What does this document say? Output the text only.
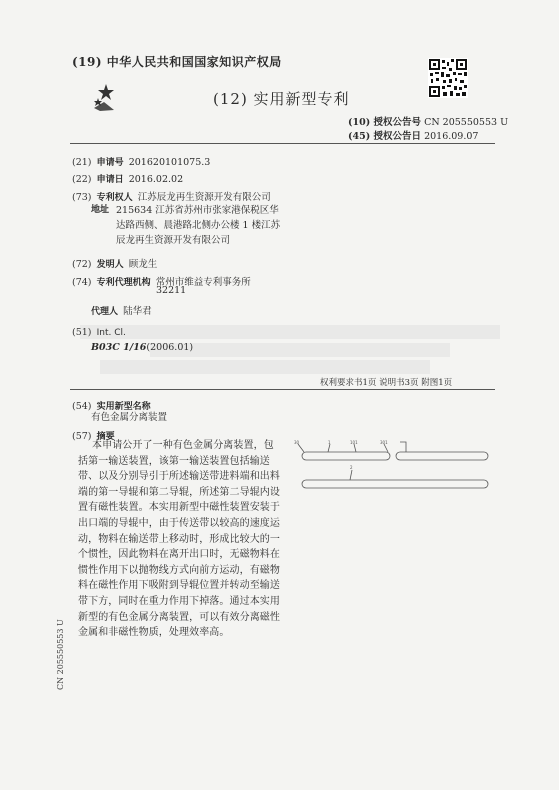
(19) 中华人民共和国国家知识产权局
(12) 实用新型专利
(10) 授权公告号 CN 205550553 U
(45) 授权公告日 2016.09.07
(21) 申请号 201620101075.3
(22) 申请日 2016.02.02
(73) 专利权人 江苏辰龙再生资源开发有限公司
地址 215634 江苏省苏州市张家港保税区华
达路西侧、晨港路北侧办公楼 1 楼江苏
辰龙再生资源开发有限公司
(72) 发明人 顾龙生
(74) 专利代理机构 常州市维益专利事务所
32211
代理人 陆华君
(51) Int. Cl.
B03C 1/16(2006.01)
权利要求书1页 说明书3页 附图1页
(54) 实用新型名称
有色金属分离装置
(57) 摘要
本申请公开了一种有色金属分离装置，包括第一输送装置，该第一输送装置包括输送带、以及分别导引于所述输送带进料端和出料端的第一导辊和第二导辊，所述第二导辊内设置有磁性装置。本实用新型中磁性装置安装于出口端的导辊中，由于传送带以较高的速度运动，物料在输送带上移动时，形成比较大的一个惯性，因此物料在离开出口时，无磁物料在惯性作用下以抛物线方式向前方运动，有磁物料在磁性作用下吸附到导辊位置并转动至输送带下方，同时在重力作用下掉落。通过本实用新型的有色金属分离装置，可以有效分离磁性金属和非磁性物质，处理效率高。
30	1	101	301
2
CN 205550553 U
